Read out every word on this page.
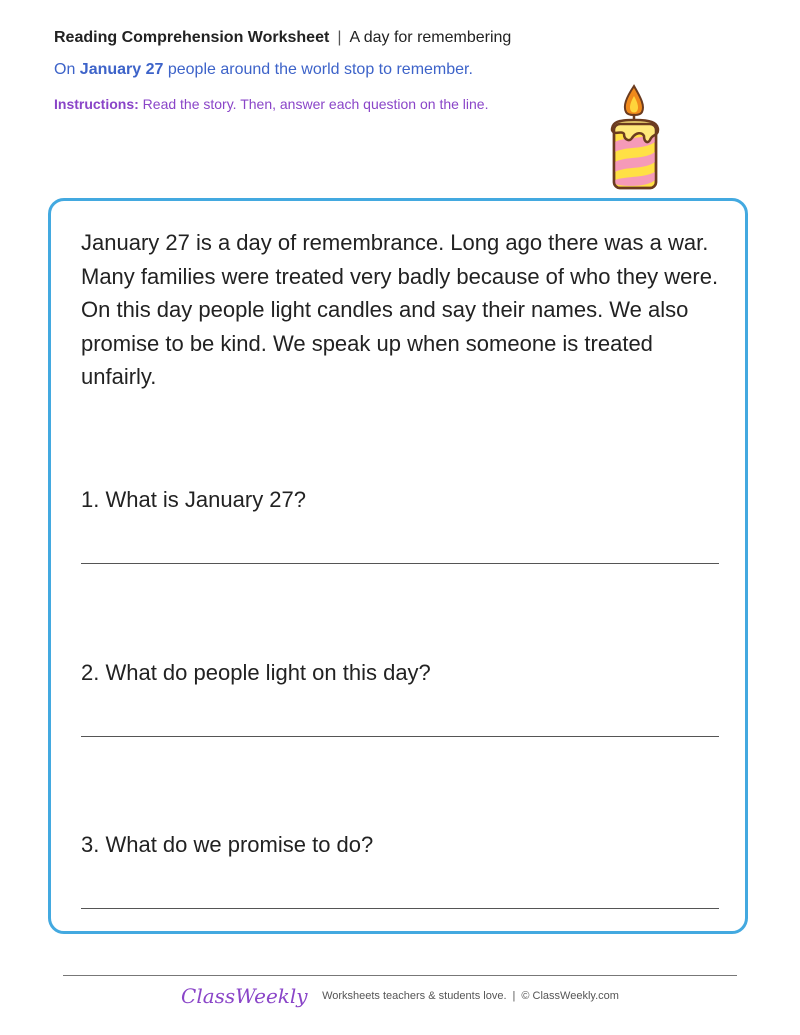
Reading Comprehension Worksheet | A day for remembering
On January 27 people around the world stop to remember.
Instructions: Read the story. Then, answer each question on the line.

January 27 is a day of remembrance. Long ago there was a war. Many families were treated very badly because of who they were. On this day people light candles and say their names. We also promise to be kind. We speak up when someone is treated unfairly.

1. What is January 27?
2. What do people light on this day?
3. What do we promise to do?
ClassWeekly Worksheets teachers & students love. | © ClassWeekly.com
